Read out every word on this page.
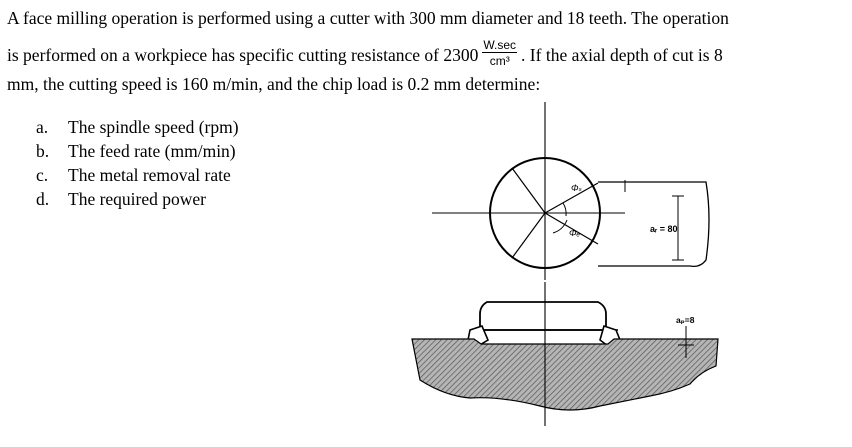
A face milling operation is performed using a cutter with 300 mm diameter and 18 teeth. The operation
is performed on a workpiece has specific cutting resistance of $2300 \frac{W.\sec}{\text{cm³}}$ . If the axial depth of cut is 8
mm, the cutting speed is 160 m/min, and the chip load is 0.2 mm determine:
a. The spindle speed (rpm)
b. The feed rate (mm/min)
c. The metal removal rate
d. The required power
Φₛ
Φₑ	aᵣ = 80
aₚ=8
